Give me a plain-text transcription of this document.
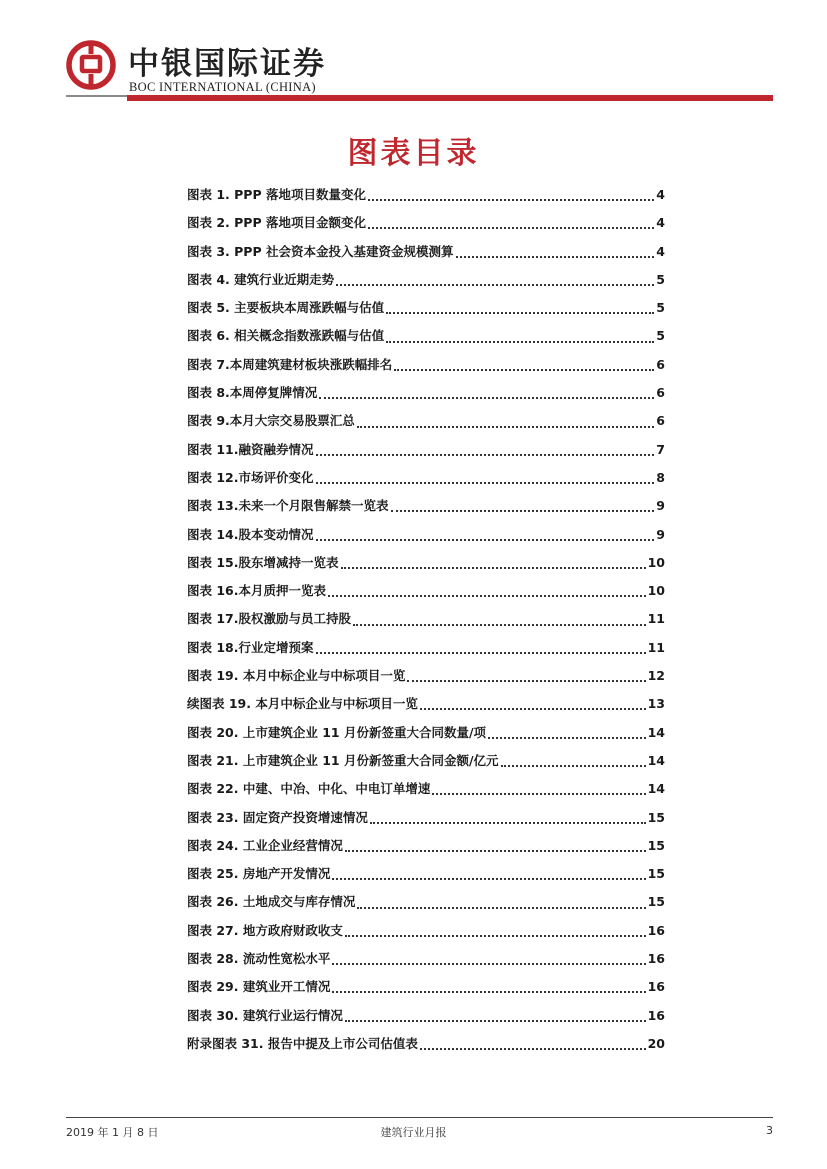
中银国际证券
BOC INTERNATIONAL (CHINA)
图表目录
图表 1. PPP 落地项目数量变化	4
图表 2. PPP 落地项目金额变化	4
图表 3. PPP 社会资本金投入基建资金规模测算	4
图表 4. 建筑行业近期走势	5
图表 5. 主要板块本周涨跌幅与估值	5
图表 6. 相关概念指数涨跌幅与估值	5
图表 7.本周建筑建材板块涨跌幅排名	6
图表 8.本周停复牌情况	6
图表 9.本月大宗交易股票汇总	6
图表 11.融资融券情况	7
图表 12.市场评价变化	8
图表 13.未来一个月限售解禁一览表	9
图表 14.股本变动情况	9
图表 15.股东增减持一览表	10
图表 16.本月质押一览表	10
图表 17.股权激励与员工持股	11
图表 18.行业定增预案	11
图表 19. 本月中标企业与中标项目一览	12
续图表 19. 本月中标企业与中标项目一览	13
图表 20. 上市建筑企业 11 月份新签重大合同数量/项	14
图表 21. 上市建筑企业 11 月份新签重大合同金额/亿元	14
图表 22. 中建、中冶、中化、中电订单增速	14
图表 23. 固定资产投资增速情况	15
图表 24. 工业企业经营情况	15
图表 25. 房地产开发情况	15
图表 26. 土地成交与库存情况	15
图表 27. 地方政府财政收支	16
图表 28. 流动性宽松水平	16
图表 29. 建筑业开工情况	16
图表 30. 建筑行业运行情况	16
附录图表 31. 报告中提及上市公司估值表	20
2019 年 1 月 8 日	建筑行业月报	3
